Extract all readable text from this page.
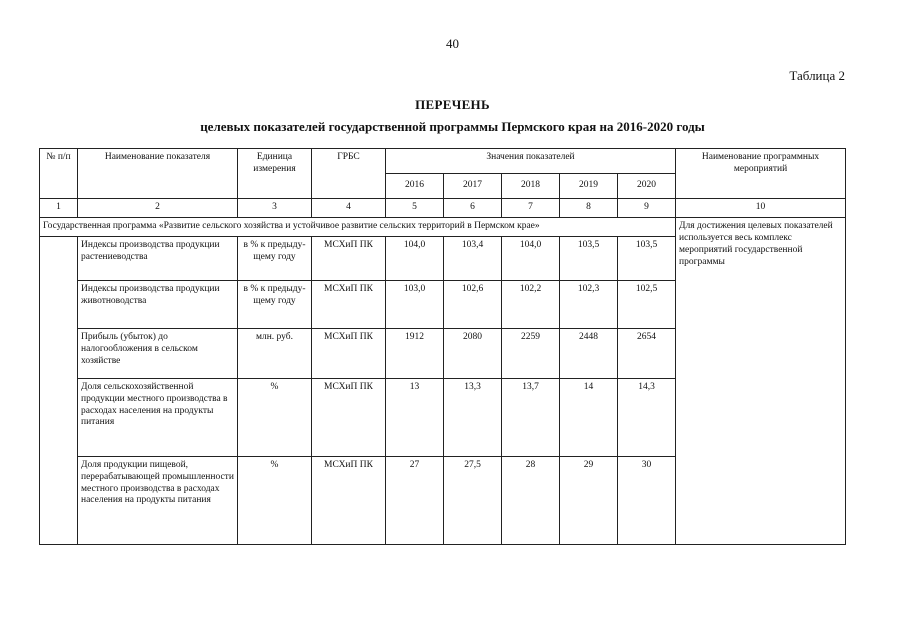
40
Таблица 2
ПЕРЕЧЕНЬ
целевых показателей государственной программы Пермского края на 2016-2020 годы
№ п/п	Наименование показателя	Единица измерения	ГРБС	Значения показателей					Наименование программных мероприятий
				2016	2017	2018	2019	2020	
1	2	3	4	5	6	7	8	9	10
Государственная программа «Развитие сельского хозяйства и устойчивое развитие сельских территорий в Пермском крае»									Для достижения целевых показателей используется весь комплекс мероприятий государственной программы
	Индексы производства продукции растениеводства	в % к предыду-щему году	МСХиП ПК	104,0	103,4	104,0	103,5	103,5	
	Индексы производства продукции животноводства	в % к предыду-щему году	МСХиП ПК	103,0	102,6	102,2	102,3	102,5	
	Прибыль (убыток) до налогообложения в сельском хозяйстве	млн. руб.	МСХиП ПК	1912	2080	2259	2448	2654	
	Доля сельскохозяйственной продукции местного производства в расходах населения на продукты питания	%	МСХиП ПК	13	13,3	13,7	14	14,3	
	Доля продукции пищевой, перерабатывающей промышленности местного производства в расходах населения на продукты питания	%	МСХиП ПК	27	27,5	28	29	30	
